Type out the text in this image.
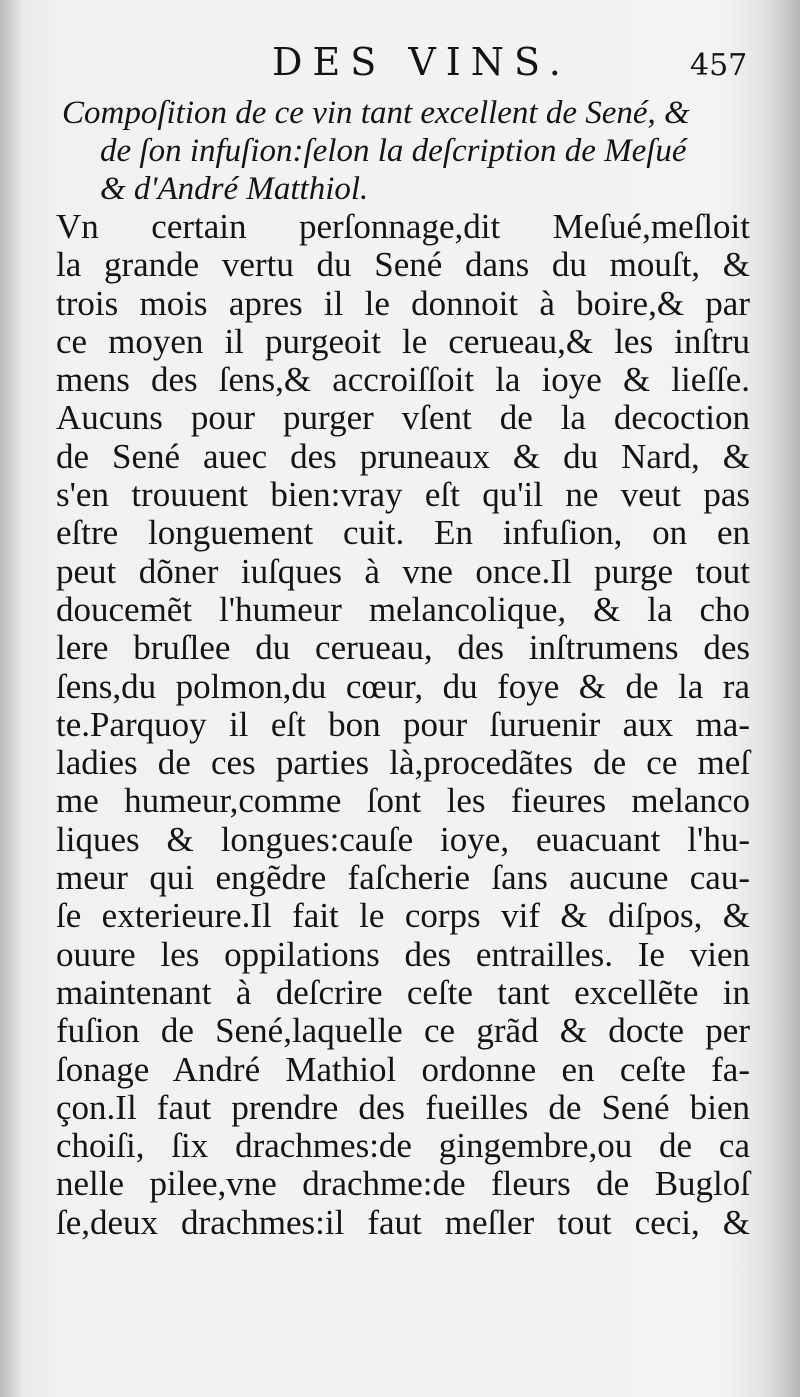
DES VINS.	457
Compoſition de ce vin tant excellent de Sené, &
de ſon infuſion:ſelon la deſcription de Meſué
& d'André Matthiol.
Vn certain perſonnage,dit Meſué,meſloit
la grande vertu du Sené dans du mouſt, &
trois mois apres il le donnoit à boire,& par
ce moyen il purgeoit le cerueau,& les inſtru
mens des ſens,& accroiſſoit la ioye & lieſſe.
Aucuns pour purger vſent de la decoction
de Sené auec des pruneaux & du Nard, &
s'en trouuent bien:vray eſt qu'il ne veut pas
eſtre longuement cuit. En infuſion, on en
peut dõner iuſques à vne once.Il purge tout
doucemẽt l'humeur melancolique, & la cho
lere bruſlee du cerueau, des inſtrumens des
ſens,du polmon,du cœur, du foye & de la ra
te.Parquoy il eſt bon pour ſuruenir aux ma-
ladies de ces parties là,procedãtes de ce meſ
me humeur,comme ſont les fieures melanco
liques & longues:cauſe ioye, euacuant l'hu-
meur qui engẽdre faſcherie ſans aucune cau-
ſe exterieure.Il fait le corps vif & diſpos, &
ouure les oppilations des entrailles. Ie vien
maintenant à deſcrire ceſte tant excellẽte in
fuſion de Sené,laquelle ce grãd & docte per
ſonage André Mathiol ordonne en ceſte fa-
çon.Il faut prendre des fueilles de Sené bien
choiſi, ſix drachmes:de gingembre,ou de ca
nelle pilee,vne drachme:de fleurs de Bugloſ
ſe,deux drachmes:il faut meſler tout ceci, &
